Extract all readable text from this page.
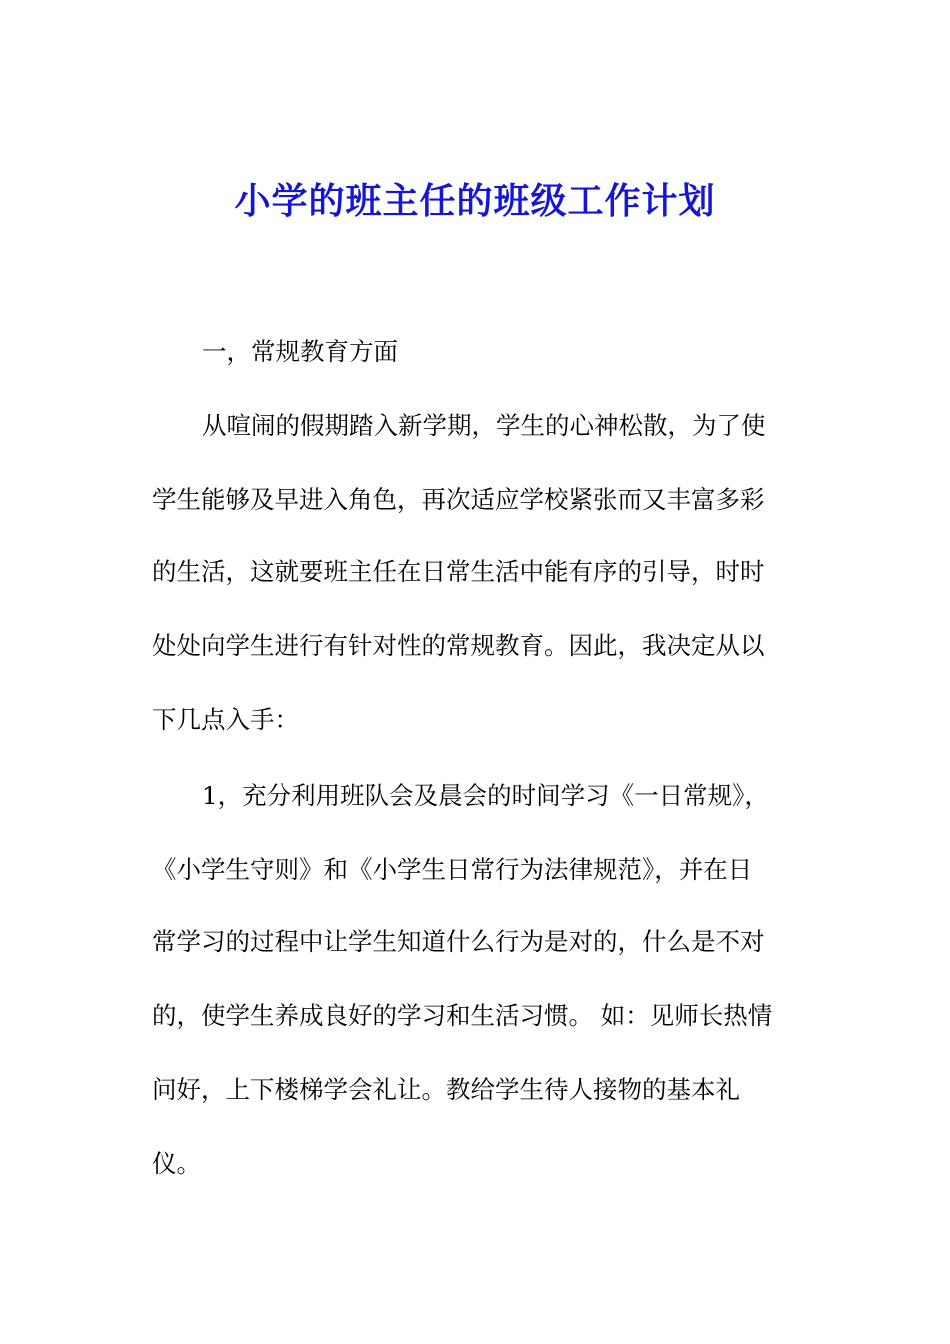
小学的班主任的班级工作计划
一，常规教育方面
从喧闹的假期踏入新学期，学生的心神松散，为了使
学生能够及早进入角色，再次适应学校紧张而又丰富多彩
的生活，这就要班主任在日常生活中能有序的引导，时时
处处向学生进行有针对性的常规教育。因此，我决定从以
下几点入手：
1，充分利用班队会及晨会的时间学习《一日常规》，
《小学生守则》和《小学生日常行为法律规范》，并在日
常学习的过程中让学生知道什么行为是对的，什么是不对
的，使学生养成良好的学习和生活习惯。 如：见师长热情
问好，上下楼梯学会礼让。教给学生待人接物的基本礼
仪。
